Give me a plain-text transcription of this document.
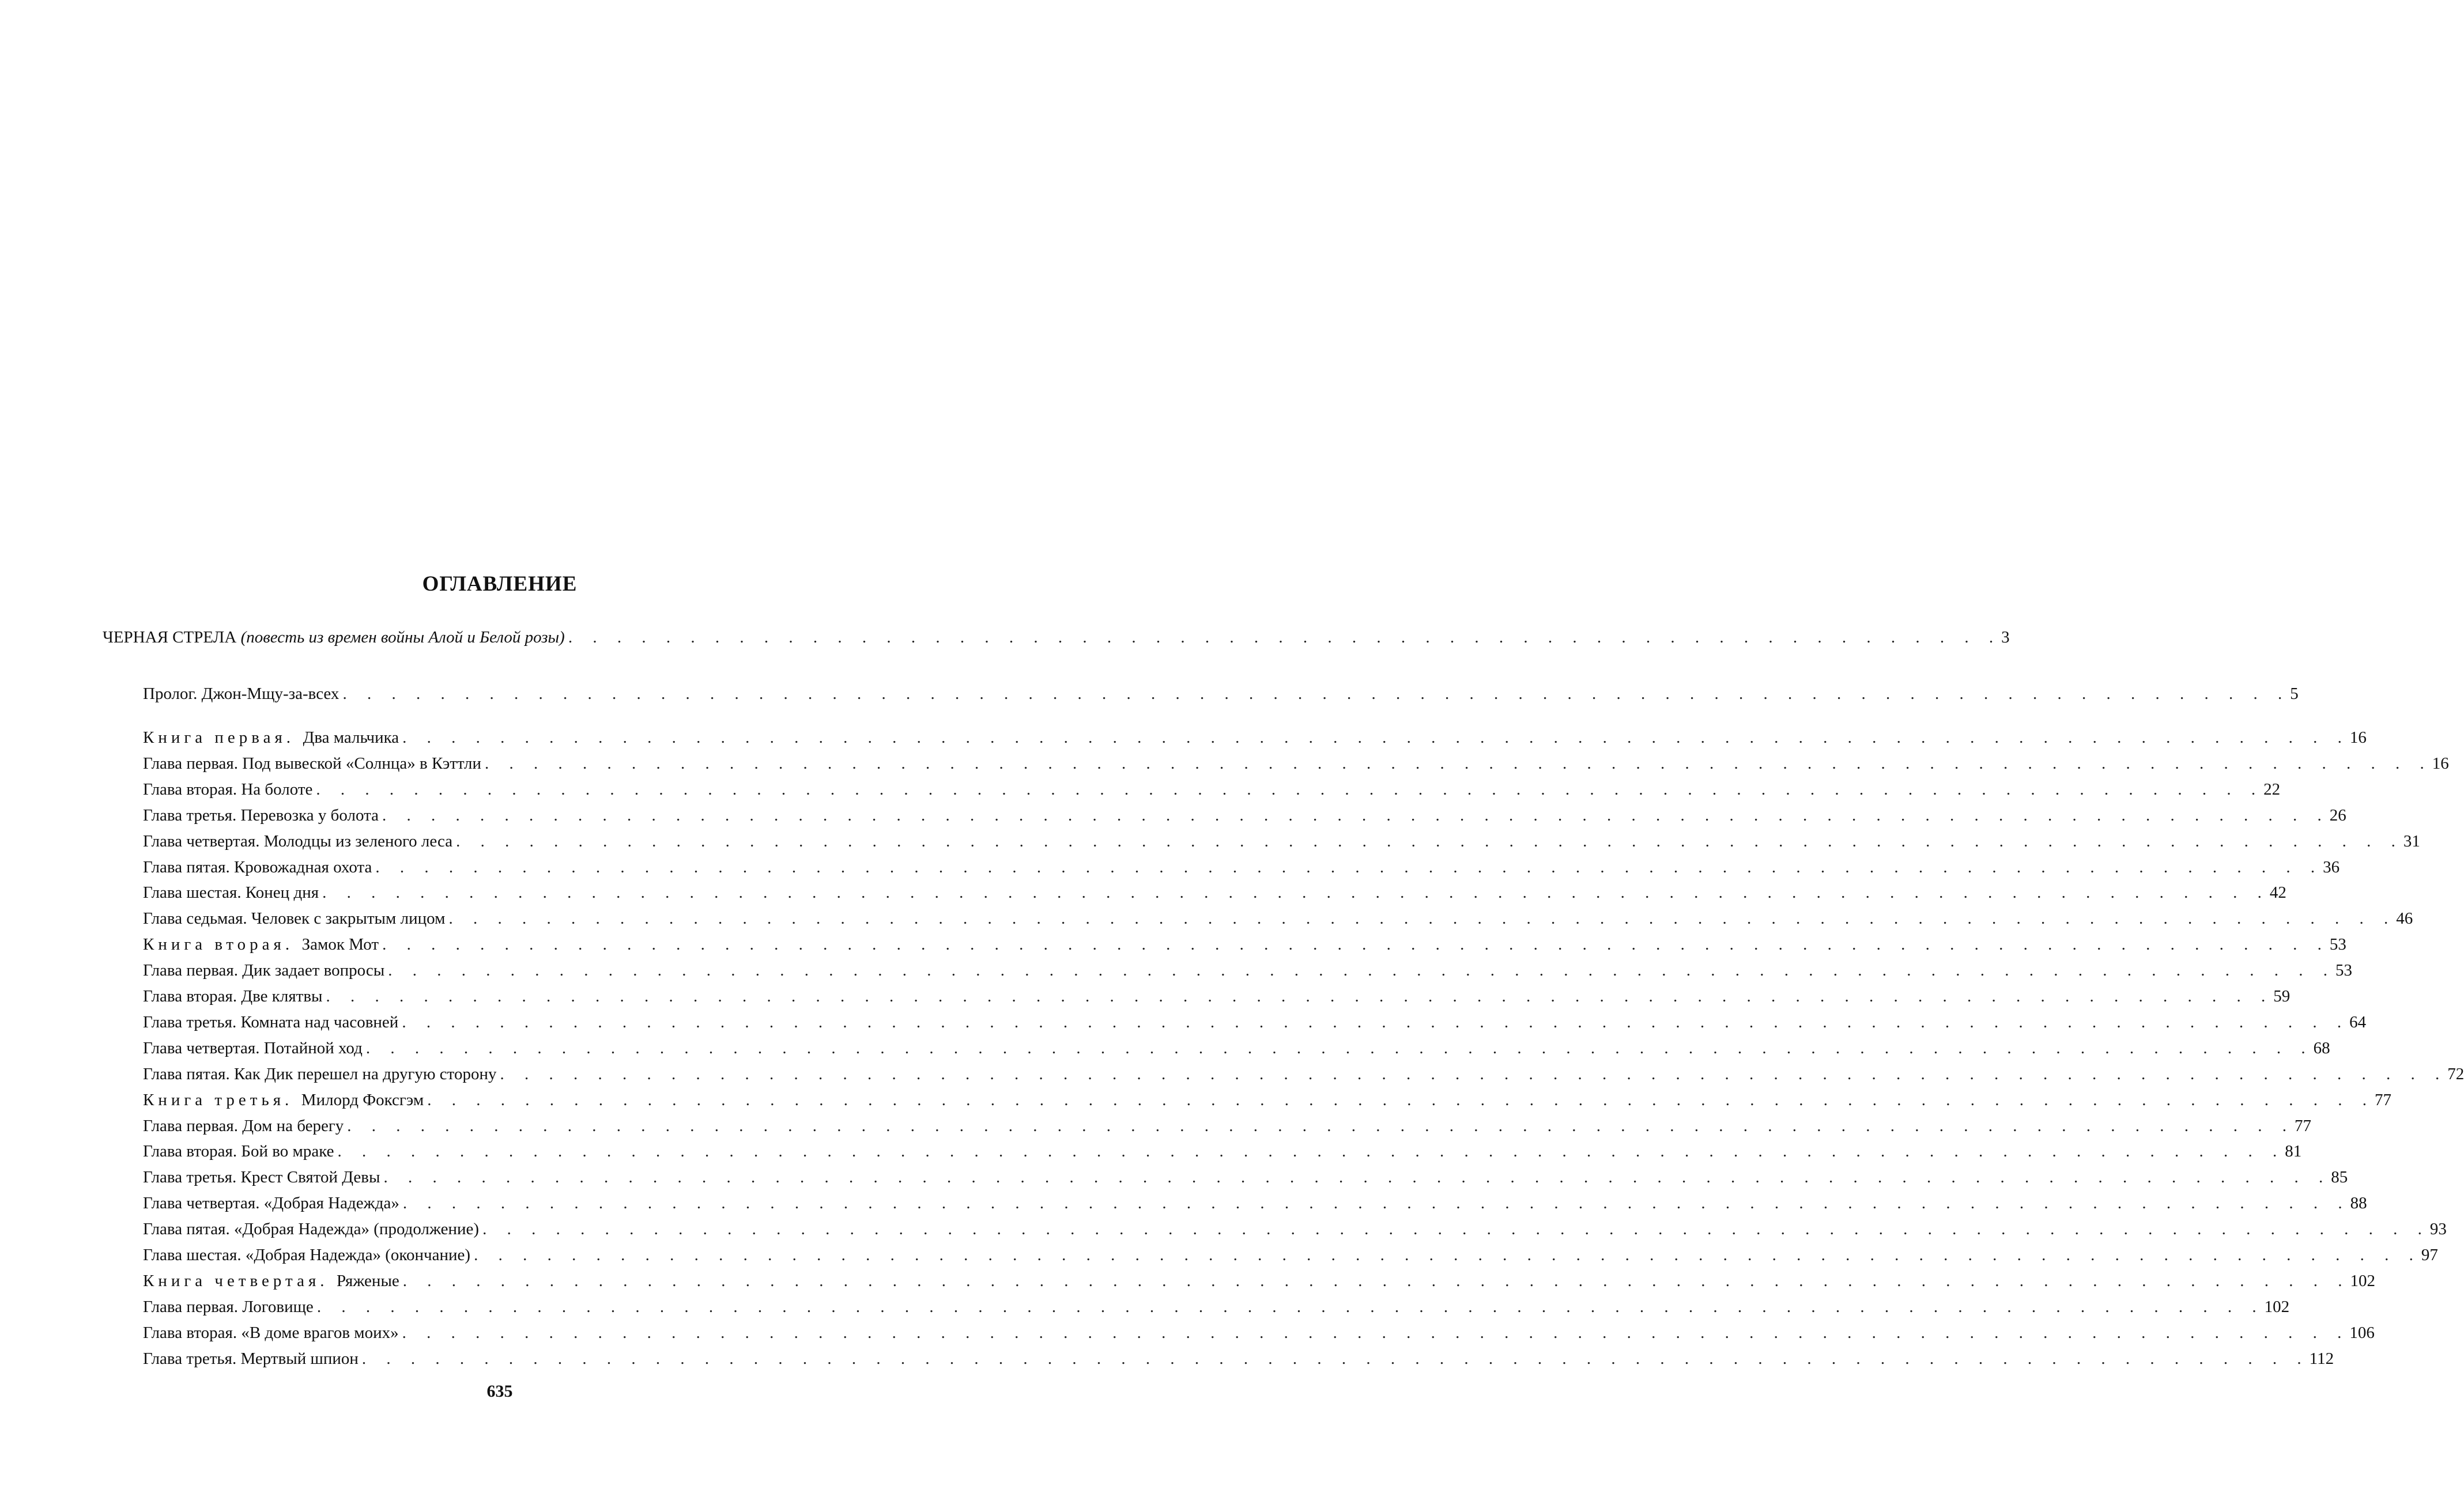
ОГЛАВЛЕНИЕ
ЧЕРНАЯ СТРЕЛА (повесть из времен войны Алой и Белой розы) . . . . . . . . . . . . . . . . . . . . . . . . . . . . . . . . . . . . . . . . . . . . . . . . . . . . . . . . . . . 3
Пролог. Джон-Мщу-за-всех . . . . . . . . . . . . . . . . . . . . . . . . . . . . . . . . . . . . . . . . . . . . . . . . . . . . . . . . . . . . . . . . . . . . . . . . . . . . . . . . 5
Книга первая. Два мальчика . . . . . . . . . . . . . . . . . . . . . . . . . . . . . . . . . . . . . . . . . . . . . . . . . . . . . . . . . . . . . . . . . . . . . . . . . . . . . . . . 16
Глава первая. Под вывеской «Солнца» в Кэттли . . . . . . . . . . . . . . . . . . . . . . . . . . . . . . . . . . . . . . . . . . . . . . . . . . . . . . . . . . . . . . . . . . . . . . . . . . . . . . . . 16
Глава вторая. На болоте . . . . . . . . . . . . . . . . . . . . . . . . . . . . . . . . . . . . . . . . . . . . . . . . . . . . . . . . . . . . . . . . . . . . . . . . . . . . . . . . 22
Глава третья. Перевозка у болота . . . . . . . . . . . . . . . . . . . . . . . . . . . . . . . . . . . . . . . . . . . . . . . . . . . . . . . . . . . . . . . . . . . . . . . . . . . . . . . . 26
Глава четвертая. Молодцы из зеленого леса . . . . . . . . . . . . . . . . . . . . . . . . . . . . . . . . . . . . . . . . . . . . . . . . . . . . . . . . . . . . . . . . . . . . . . . . . . . . . . . . 31
Глава пятая. Кровожадная охота . . . . . . . . . . . . . . . . . . . . . . . . . . . . . . . . . . . . . . . . . . . . . . . . . . . . . . . . . . . . . . . . . . . . . . . . . . . . . . . . 36
Глава шестая. Конец дня . . . . . . . . . . . . . . . . . . . . . . . . . . . . . . . . . . . . . . . . . . . . . . . . . . . . . . . . . . . . . . . . . . . . . . . . . . . . . . . . 42
Глава седьмая. Человек с закрытым лицом . . . . . . . . . . . . . . . . . . . . . . . . . . . . . . . . . . . . . . . . . . . . . . . . . . . . . . . . . . . . . . . . . . . . . . . . . . . . . . . . 46
Книга вторая. Замок Мот . . . . . . . . . . . . . . . . . . . . . . . . . . . . . . . . . . . . . . . . . . . . . . . . . . . . . . . . . . . . . . . . . . . . . . . . . . . . . . . . 53
Глава первая. Дик задает вопросы . . . . . . . . . . . . . . . . . . . . . . . . . . . . . . . . . . . . . . . . . . . . . . . . . . . . . . . . . . . . . . . . . . . . . . . . . . . . . . . . 53
Глава вторая. Две клятвы . . . . . . . . . . . . . . . . . . . . . . . . . . . . . . . . . . . . . . . . . . . . . . . . . . . . . . . . . . . . . . . . . . . . . . . . . . . . . . . . 59
Глава третья. Комната над часовней . . . . . . . . . . . . . . . . . . . . . . . . . . . . . . . . . . . . . . . . . . . . . . . . . . . . . . . . . . . . . . . . . . . . . . . . . . . . . . . . 64
Глава четвертая. Потайной ход . . . . . . . . . . . . . . . . . . . . . . . . . . . . . . . . . . . . . . . . . . . . . . . . . . . . . . . . . . . . . . . . . . . . . . . . . . . . . . . . 68
Глава пятая. Как Дик перешел на другую сторону . . . . . . . . . . . . . . . . . . . . . . . . . . . . . . . . . . . . . . . . . . . . . . . . . . . . . . . . . . . . . . . . . . . . . . . . . . . . . . . . 72
Книга третья. Милорд Фоксгэм . . . . . . . . . . . . . . . . . . . . . . . . . . . . . . . . . . . . . . . . . . . . . . . . . . . . . . . . . . . . . . . . . . . . . . . . . . . . . . . . 77
Глава первая. Дом на берегу . . . . . . . . . . . . . . . . . . . . . . . . . . . . . . . . . . . . . . . . . . . . . . . . . . . . . . . . . . . . . . . . . . . . . . . . . . . . . . . . 77
Глава вторая. Бой во мраке . . . . . . . . . . . . . . . . . . . . . . . . . . . . . . . . . . . . . . . . . . . . . . . . . . . . . . . . . . . . . . . . . . . . . . . . . . . . . . . . 81
Глава третья. Крест Святой Девы . . . . . . . . . . . . . . . . . . . . . . . . . . . . . . . . . . . . . . . . . . . . . . . . . . . . . . . . . . . . . . . . . . . . . . . . . . . . . . . . 85
Глава четвертая. «Добрая Надежда» . . . . . . . . . . . . . . . . . . . . . . . . . . . . . . . . . . . . . . . . . . . . . . . . . . . . . . . . . . . . . . . . . . . . . . . . . . . . . . . . 88
Глава пятая. «Добрая Надежда» (продолжение) . . . . . . . . . . . . . . . . . . . . . . . . . . . . . . . . . . . . . . . . . . . . . . . . . . . . . . . . . . . . . . . . . . . . . . . . . . . . . . . . 93
Глава шестая. «Добрая Надежда» (окончание) . . . . . . . . . . . . . . . . . . . . . . . . . . . . . . . . . . . . . . . . . . . . . . . . . . . . . . . . . . . . . . . . . . . . . . . . . . . . . . . . 97
Книга четвертая. Ряженые . . . . . . . . . . . . . . . . . . . . . . . . . . . . . . . . . . . . . . . . . . . . . . . . . . . . . . . . . . . . . . . . . . . . . . . . . . . . . . . . 102
Глава первая. Логовище . . . . . . . . . . . . . . . . . . . . . . . . . . . . . . . . . . . . . . . . . . . . . . . . . . . . . . . . . . . . . . . . . . . . . . . . . . . . . . . . 102
Глава вторая. «В доме врагов моих» . . . . . . . . . . . . . . . . . . . . . . . . . . . . . . . . . . . . . . . . . . . . . . . . . . . . . . . . . . . . . . . . . . . . . . . . . . . . . . . . 106
Глава третья. Мертвый шпион . . . . . . . . . . . . . . . . . . . . . . . . . . . . . . . . . . . . . . . . . . . . . . . . . . . . . . . . . . . . . . . . . . . . . . . . . . . . . . . . 112
635
